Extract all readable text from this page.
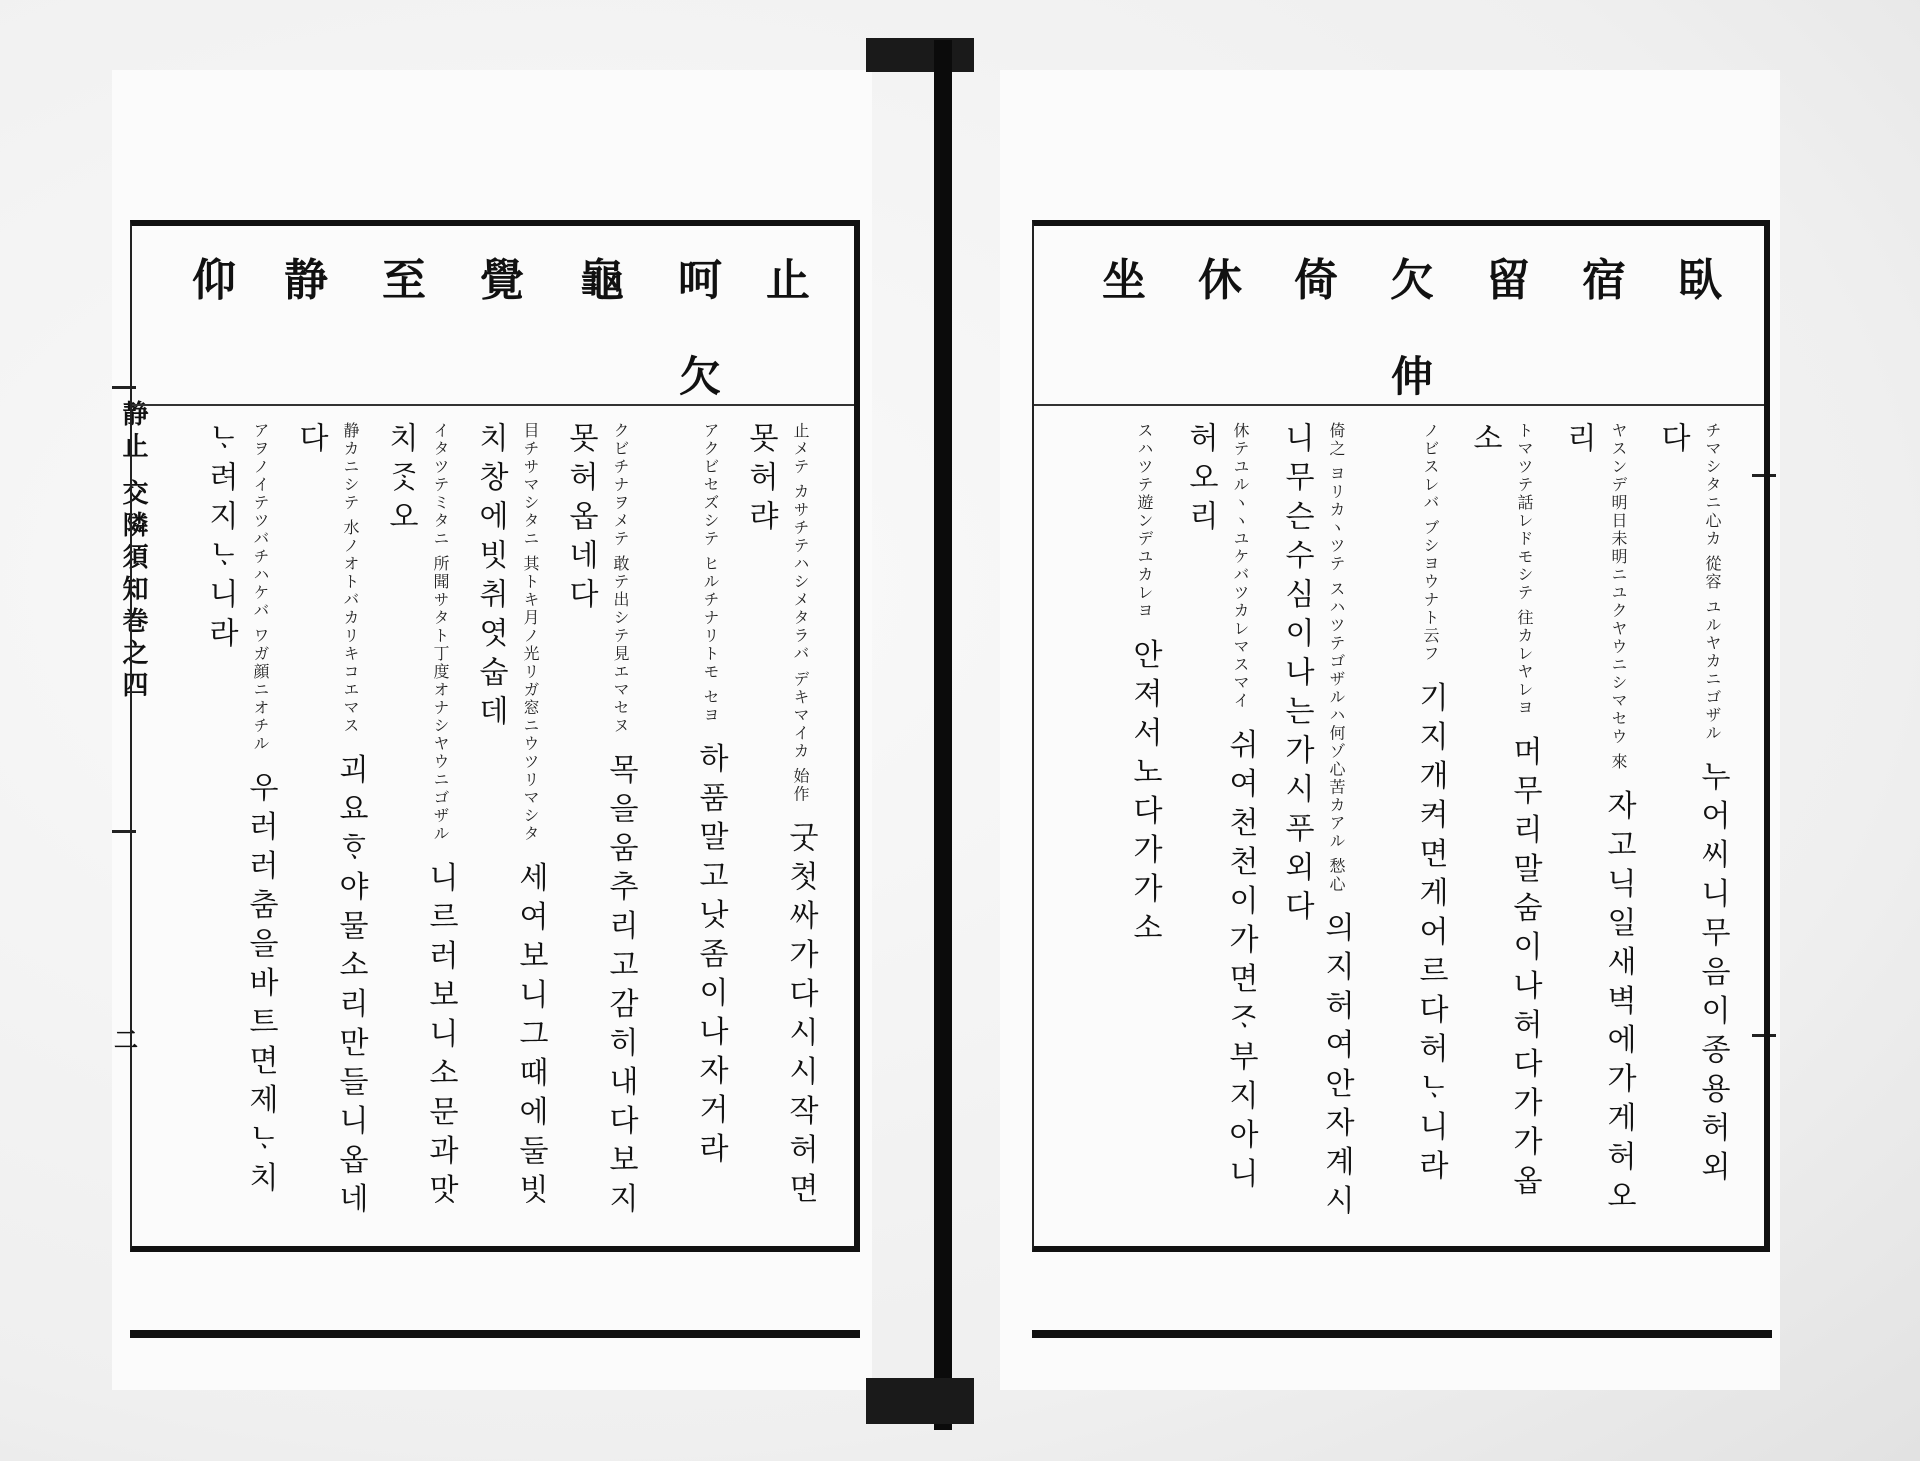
静止 交隣須知巻之四
二
止
呵
欠
龜
覺
至
静
仰
止メテ カサチテハシメタラバ デキマイカ 始作 굿첫싸가다시시작허면못허랴
アクビセズシテ ヒルチナリトモ セヨ 하품말고낫좀이나자거라
クビチナヲメテ 敢テ出シテ見エマセヌ 목을움추리고감히내다보지못허옵네다
目チサマシタニ 其トキ月ノ光リガ窓ニウツリマシタ 세여보니그때에둘빗치창에빗취엿숩데
イタツテミタニ 所聞サタト丁度オナシヤウニゴザル 니르러보니소문과맛치ᄌᆞᆺ오
静カニシテ 水ノオトバカリキコエマス 괴요ᄒᆞ야물소리만들니옵네다
アヲノイテツバチハケバ ワガ顔ニオチル 우러러춤을바트면제ᄂᆞ치ᄂᆞ려지ᄂᆞ니라
臥
宿
留
欠
伸
倚
休
坐
チマシタニ心カ 從容 ユルヤカニゴザル 누어씨니무음이종용허외다
ヤスンデ明日未明ニユクヤウニシマセウ 來 자고닉일새벽에가게허오리
トマツテ話レドモシテ 往カレヤレヨ 머무리말숨이나허다가가옵소
ノビスレバ ブシヨウナト云フ 기지개켜면게어르다허ᄂᆞ니라
倚之 ヨリカヽツテ スハツテゴザルハ何ゾ心苦カアル 愁心 의지허여안자계시니무슨수심이나는가시푸외다
休テユルヽヽユケバツカレマスマイ 쉬여천천이가면ᄌᆞ부지아니허오리
スハツテ遊ンデユカレヨ 안져서노다가가소
